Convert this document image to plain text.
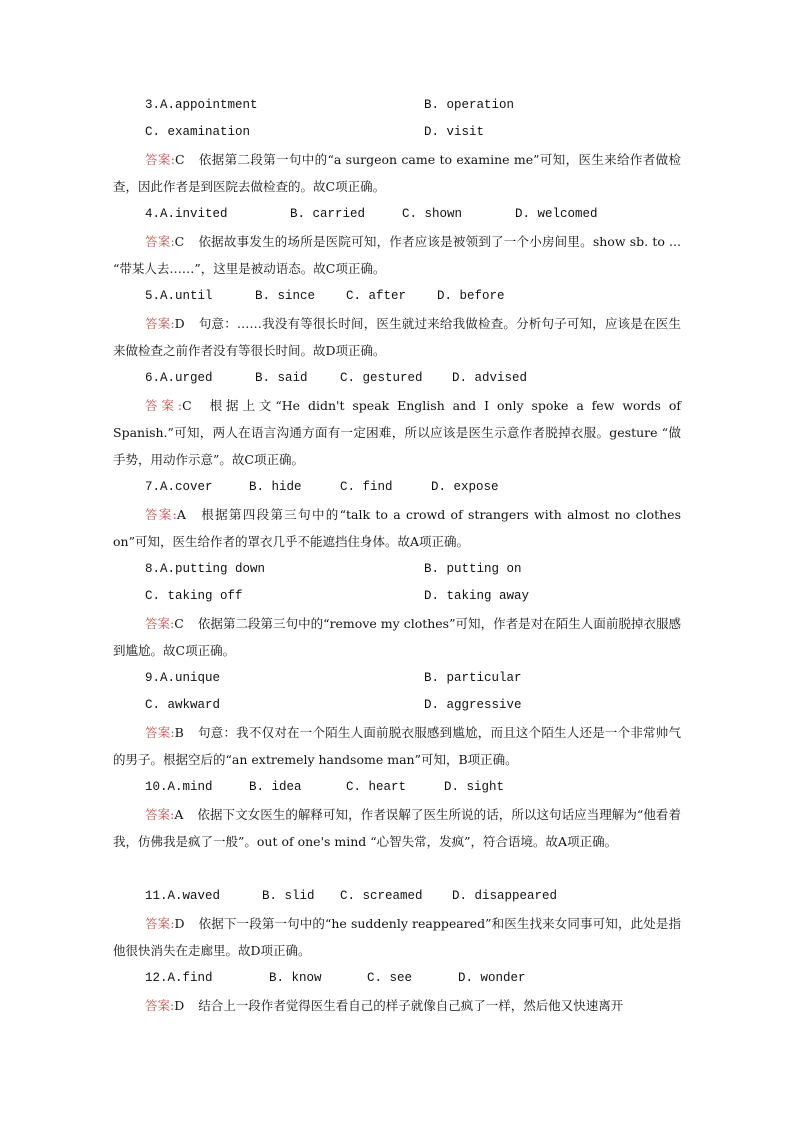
3.A.appointment	B. operation
C. examination	D. visit
答案:C 依据第二段第一句中的“a surgeon came to examine me”可知，医生来给作者做检查，因此作者是到医院去做检查的。故C项正确。
4.A.invited	B. carried	C. shown	D. welcomed
答案:C 依据故事发生的场所是医院可知，作者应该是被领到了一个小房间里。show sb. to ... “带某人去……”，这里是被动语态。故C项正确。
5.A.until	B. since C. after D. before
答案:D 句意：……我没有等很长时间，医生就过来给我做检查。分析句子可知，应该是在医生来做检查之前作者没有等很长时间。故D项正确。
6.A.urged	B. said	C. gestured D. advised
答案:C 根据上文“He didn't speak English and I only spoke a few words of Spanish.”可知，两人在语言沟通方面有一定困难，所以应该是医生示意作者脱掉衣服。gesture “做手势，用动作示意”。故C项正确。
7.A.cover	B. hide	C. find	D. expose
答案:A 根据第四段第三句中的“talk to a crowd of strangers with almost no clothes on”可知，医生给作者的罩衣几乎不能遮挡住身体。故A项正确。
8.A.putting down	B. putting on
C. taking off	D. taking away
答案:C 依据第二段第三句中的“remove my clothes”可知，作者是对在陌生人面前脱掉衣服感到尴尬。故C项正确。
9.A.unique	B. particular
C. awkward	D. aggressive
答案:B 句意：我不仅对在一个陌生人面前脱衣服感到尴尬，而且这个陌生人还是一个非常帅气的男子。根据空后的“an extremely handsome man”可知，B项正确。
10.A.mind	B. idea	C. heart	D. sight
答案:A 依据下文女医生的解释可知，作者误解了医生所说的话，所以这句话应当理解为“他看着我，仿佛我是疯了一般”。out of one's mind “心智失常，发疯”，符合语境。故A项正确。
11.A.waved	B. slid C. screamed D. disappeared
答案:D 依据下一段第一句中的“he suddenly reappeared”和医生找来女同事可知，此处是指他很快消失在走廊里。故D项正确。
12.A.find	B. know	C. see	D. wonder
答案:D 结合上一段作者觉得医生看自己的样子就像自己疯了一样，然后他又快速离开
